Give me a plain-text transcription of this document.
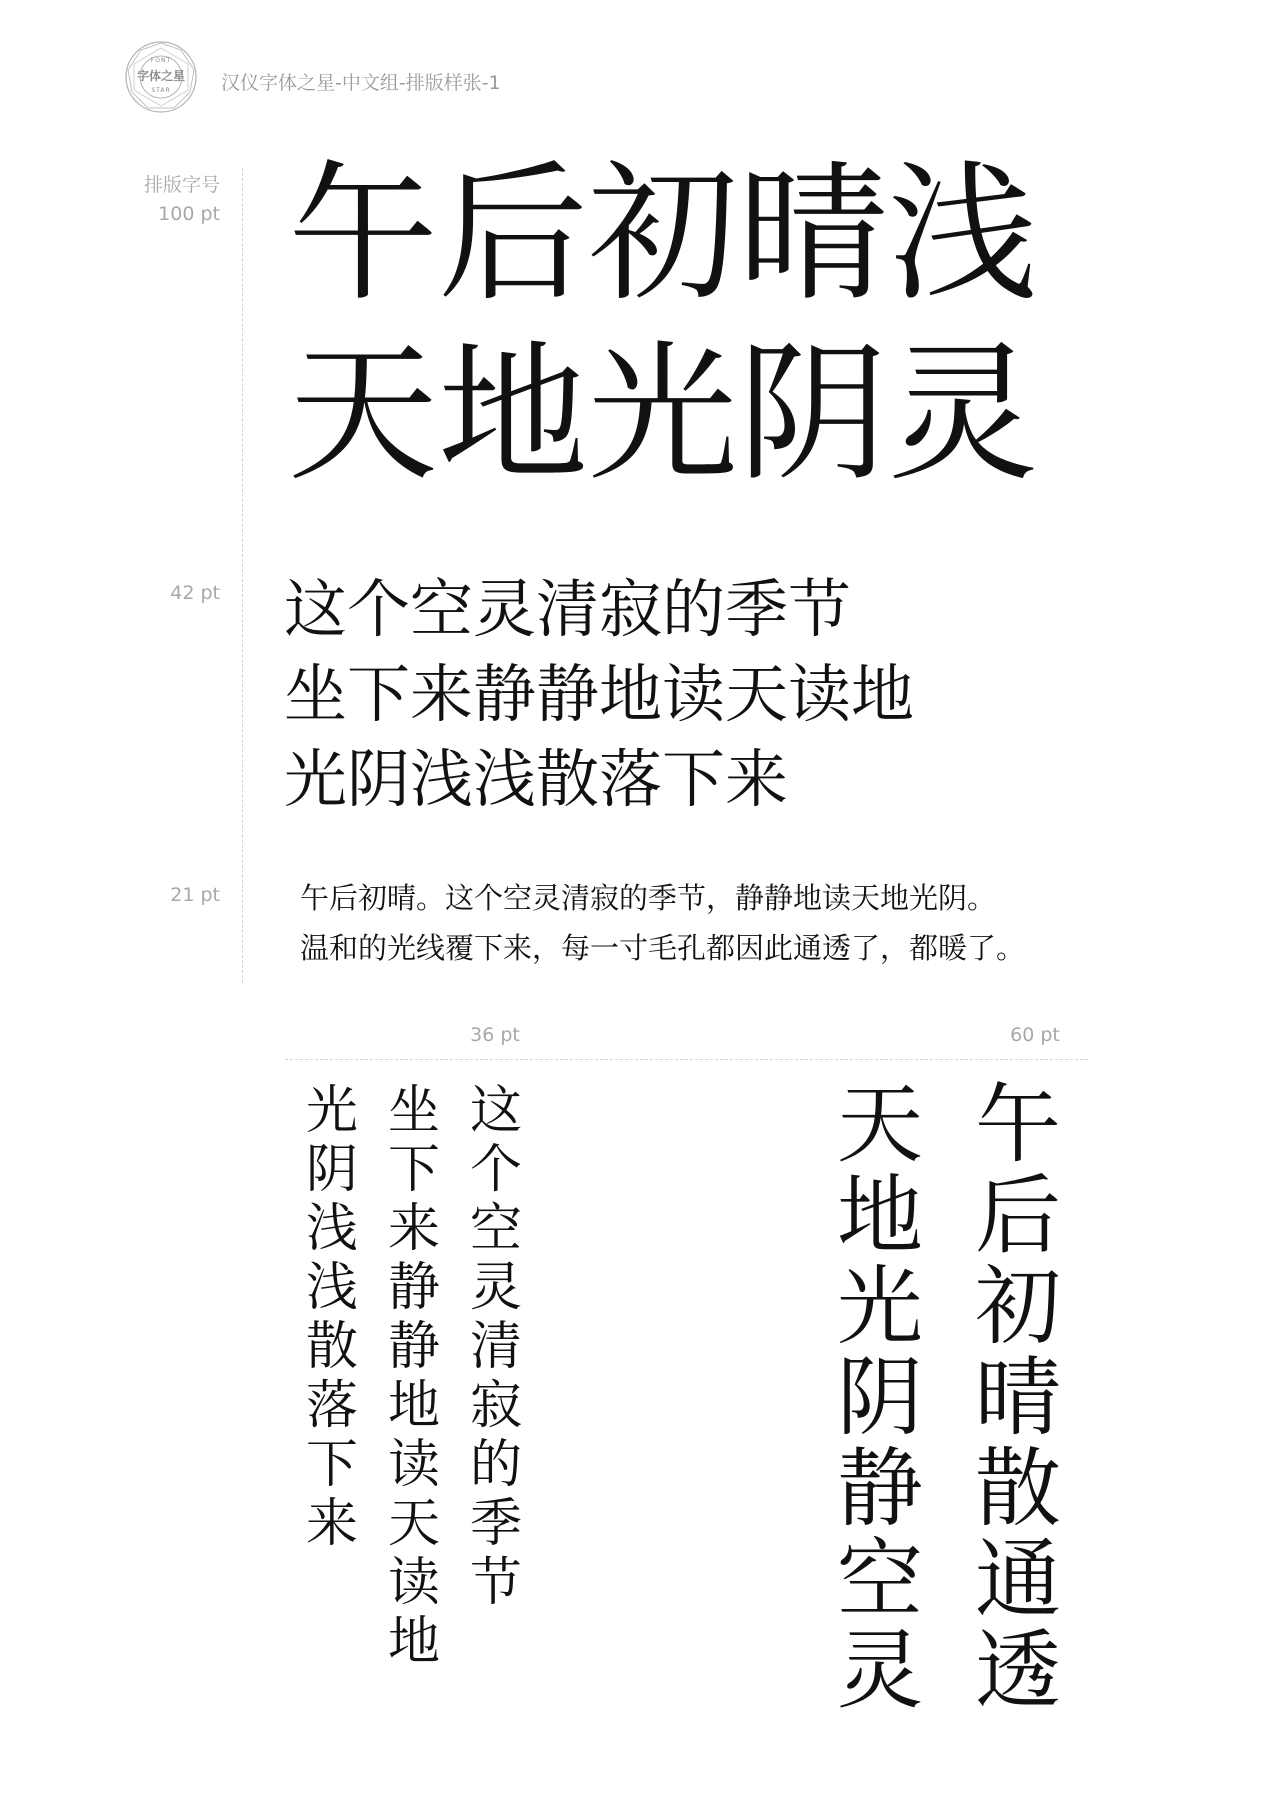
FONT
字体之星
STAR	汉仪字体之星-中文组-排版样张-1
排版字号
100 pt
42 pt
21 pt
午后初晴浅
天地光阴灵
这个空灵清寂的季节
坐下来静静地读天读地
光阴浅浅散落下来
午后初晴。这个空灵清寂的季节，静静地读天地光阴。
温和的光线覆下来，每一寸毛孔都因此通透了，都暖了。
36 pt	60 pt
光
阴
浅
浅
散
落
下
来
坐
下
来
静
静
地
读
天
读
地
这
个
空
灵
清
寂
的
季
节
天
地
光
阴
静
空
灵
午
后
初
晴
散
通
透
